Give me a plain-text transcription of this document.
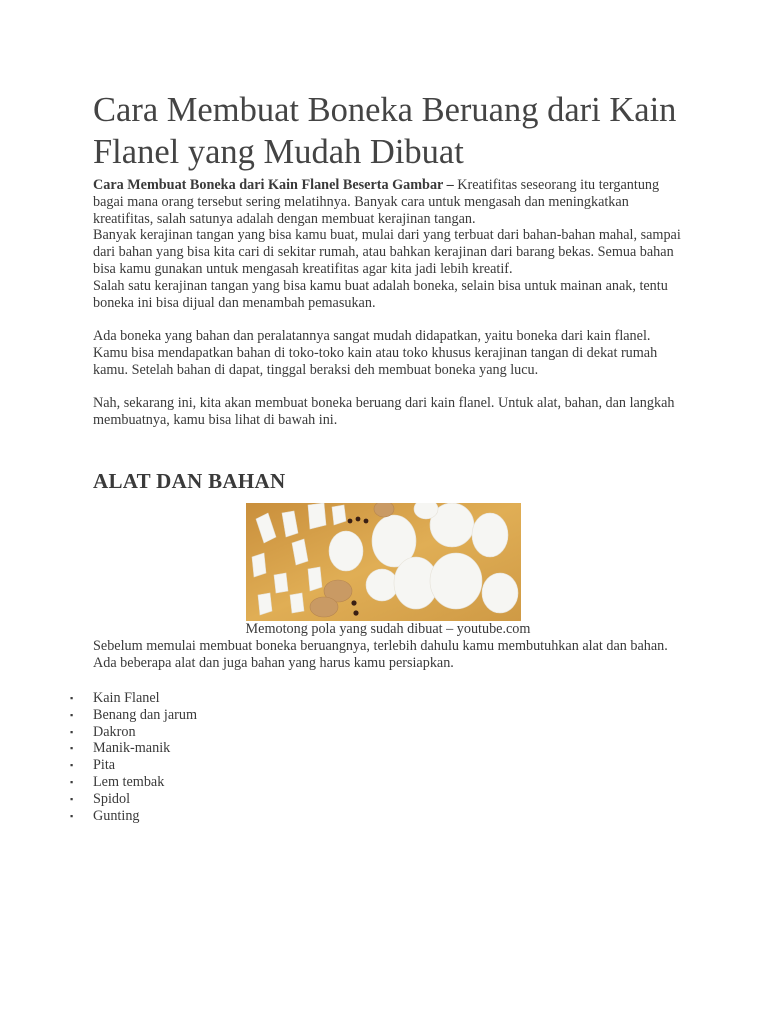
Cara Membuat Boneka Beruang dari Kain Flanel yang Mudah Dibuat

Cara Membuat Boneka dari Kain Flanel Beserta Gambar – Kreatifitas seseorang itu tergantung bagai mana orang tersebut sering melatihnya. Banyak cara untuk mengasah dan meningkatkan kreatifitas, salah satunya adalah dengan membuat kerajinan tangan.

Banyak kerajinan tangan yang bisa kamu buat, mulai dari yang terbuat dari bahan-bahan mahal, sampai dari bahan yang bisa kita cari di sekitar rumah, atau bahkan kerajinan dari barang bekas. Semua bahan bisa kamu gunakan untuk mengasah kreatifitas agar kita jadi lebih kreatif.

Salah satu kerajinan tangan yang bisa kamu buat adalah boneka, selain bisa untuk mainan anak, tentu boneka ini bisa dijual dan menambah pemasukan.

Ada boneka yang bahan dan peralatannya sangat mudah didapatkan, yaitu boneka dari kain flanel. Kamu bisa mendapatkan bahan di toko-toko kain atau toko khusus kerajinan tangan di dekat rumah kamu. Setelah bahan di dapat, tinggal beraksi deh membuat boneka yang lucu.

Nah, sekarang ini, kita akan membuat boneka beruang dari kain flanel. Untuk alat, bahan, dan langkah membuatnya, kamu bisa lihat di bawah ini.

ALAT DAN BAHAN
Memotong pola yang sudah dibuat – youtube.com

Sebelum memulai membuat boneka beruangnya, terlebih dahulu kamu membutuhkan alat dan bahan. Ada beberapa alat dan juga bahan yang harus kamu persiapkan.

▪ Kain Flanel
▪ Benang dan jarum
▪ Dakron
▪ Manik-manik
▪ Pita
▪ Lem tembak
▪ Spidol
▪ Gunting
